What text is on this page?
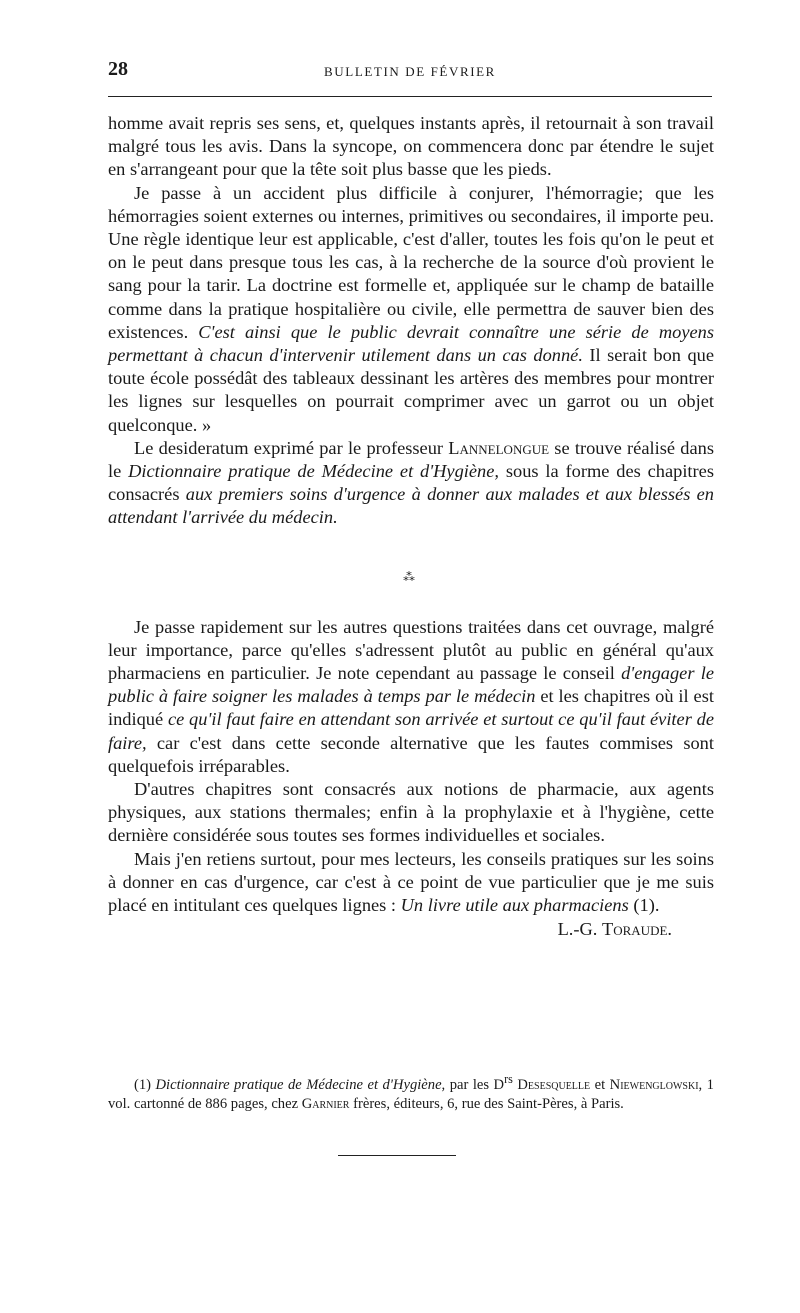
28	BULLETIN DE FÉVRIER

homme avait repris ses sens, et, quelques instants après, il retournait à son travail malgré tous les avis. Dans la syncope, on commencera donc par étendre le sujet en s'arrangeant pour que la tête soit plus basse que les pieds.

Je passe à un accident plus difficile à conjurer, l'hémorragie; que les hémorragies soient externes ou internes, primitives ou secondaires, il importe peu. Une règle identique leur est applicable, c'est d'aller, toutes les fois qu'on le peut et on le peut dans presque tous les cas, à la recherche de la source d'où provient le sang pour la tarir. La doctrine est formelle et, appliquée sur le champ de bataille comme dans la pratique hospitalière ou civile, elle permettra de sauver bien des existences. C'est ainsi que le public devrait connaître une série de moyens permettant à chacun d'intervenir utilement dans un cas donné. Il serait bon que toute école possédât des tableaux dessinant les artères des membres pour montrer les lignes sur lesquelles on pourrait comprimer avec un garrot ou un objet quelconque. »

Le desideratum exprimé par le professeur Lannelongue se trouve réalisé dans le Dictionnaire pratique de Médecine et d'Hygiène, sous la forme des chapitres consacrés aux premiers soins d'urgence à donner aux malades et aux blessés en attendant l'arrivée du médecin.

⁂

Je passe rapidement sur les autres questions traitées dans cet ouvrage, malgré leur importance, parce qu'elles s'adressent plutôt au public en général qu'aux pharmaciens en particulier. Je note cependant au passage le conseil d'engager le public à faire soigner les malades à temps par le médecin et les chapitres où il est indiqué ce qu'il faut faire en attendant son arrivée et surtout ce qu'il faut éviter de faire, car c'est dans cette seconde alternative que les fautes commises sont quelquefois irréparables.

D'autres chapitres sont consacrés aux notions de pharmacie, aux agents physiques, aux stations thermales; enfin à la prophylaxie et à l'hygiène, cette dernière considérée sous toutes ses formes individuelles et sociales.

Mais j'en retiens surtout, pour mes lecteurs, les conseils pratiques sur les soins à donner en cas d'urgence, car c'est à ce point de vue particulier que je me suis placé en intitulant ces quelques lignes : Un livre utile aux pharmaciens (1).

L.-G. Toraude.

(1) Dictionnaire pratique de Médecine et d'Hygiène, par les $D^{rs}$ Desesquelle et Niewenglowski, 1 vol. cartonné de 886 pages, chez Garnier frères, éditeurs, 6, rue des Saint-Pères, à Paris.
